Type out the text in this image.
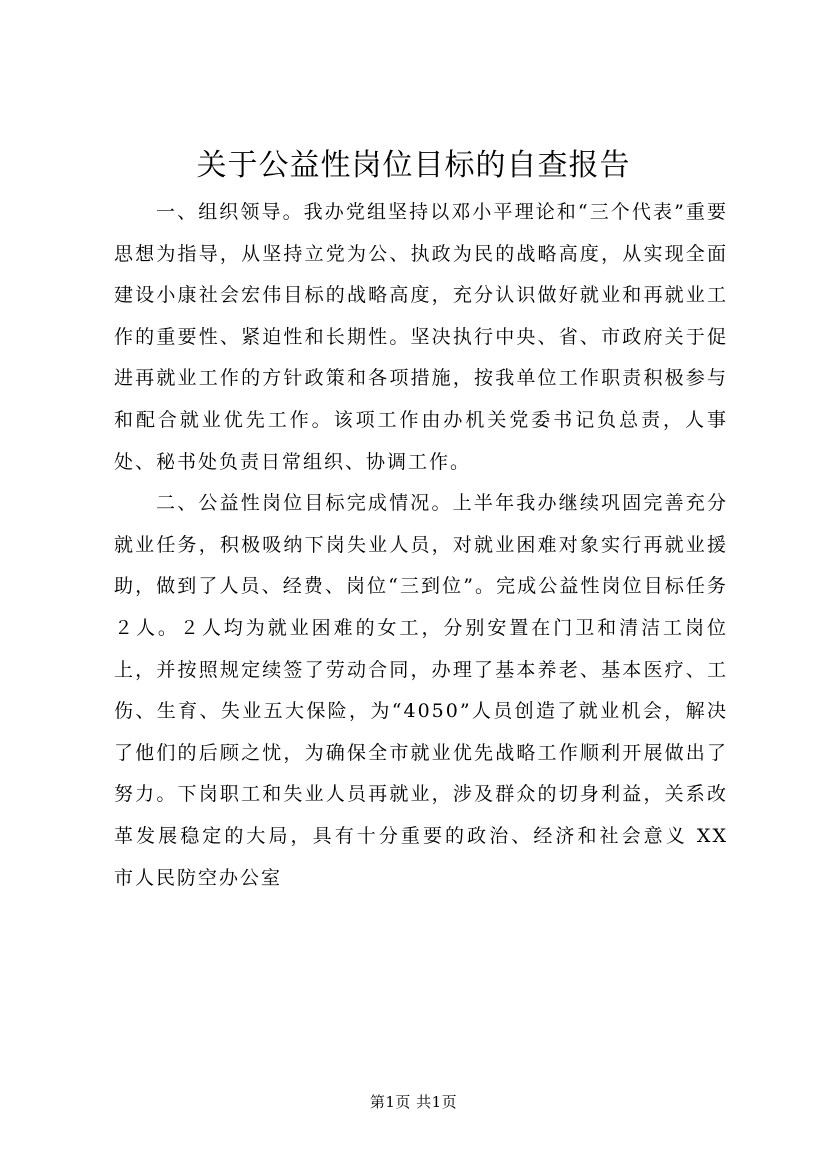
关于公益性岗位目标的自查报告

一、组织领导。我办党组坚持以邓小平理论和“三个代表”重要思想为指导，从坚持立党为公、执政为民的战略高度，从实现全面建设小康社会宏伟目标的战略高度，充分认识做好就业和再就业工作的重要性、紧迫性和长期性。坚决执行中央、省、市政府关于促进再就业工作的方针政策和各项措施，按我单位工作职责积极参与和配合就业优先工作。该项工作由办机关党委书记负总责，人事处、秘书处负责日常组织、协调工作。

二、公益性岗位目标完成情况。上半年我办继续巩固完善充分就业任务，积极吸纳下岗失业人员，对就业困难对象实行再就业援助，做到了人员、经费、岗位“三到位”。完成公益性岗位目标任务２人。２人均为就业困难的女工，分别安置在门卫和清洁工岗位上，并按照规定续签了劳动合同，办理了基本养老、基本医疗、工伤、生育、失业五大保险，为“4050”人员创造了就业机会，解决了他们的后顾之忧，为确保全市就业优先战略工作顺利开展做出了努力。下岗职工和失业人员再就业，涉及群众的切身利益，关系改革发展稳定的大局，具有十分重要的政治、经济和社会意义 XX 市人民防空办公室

第1页 共1页
